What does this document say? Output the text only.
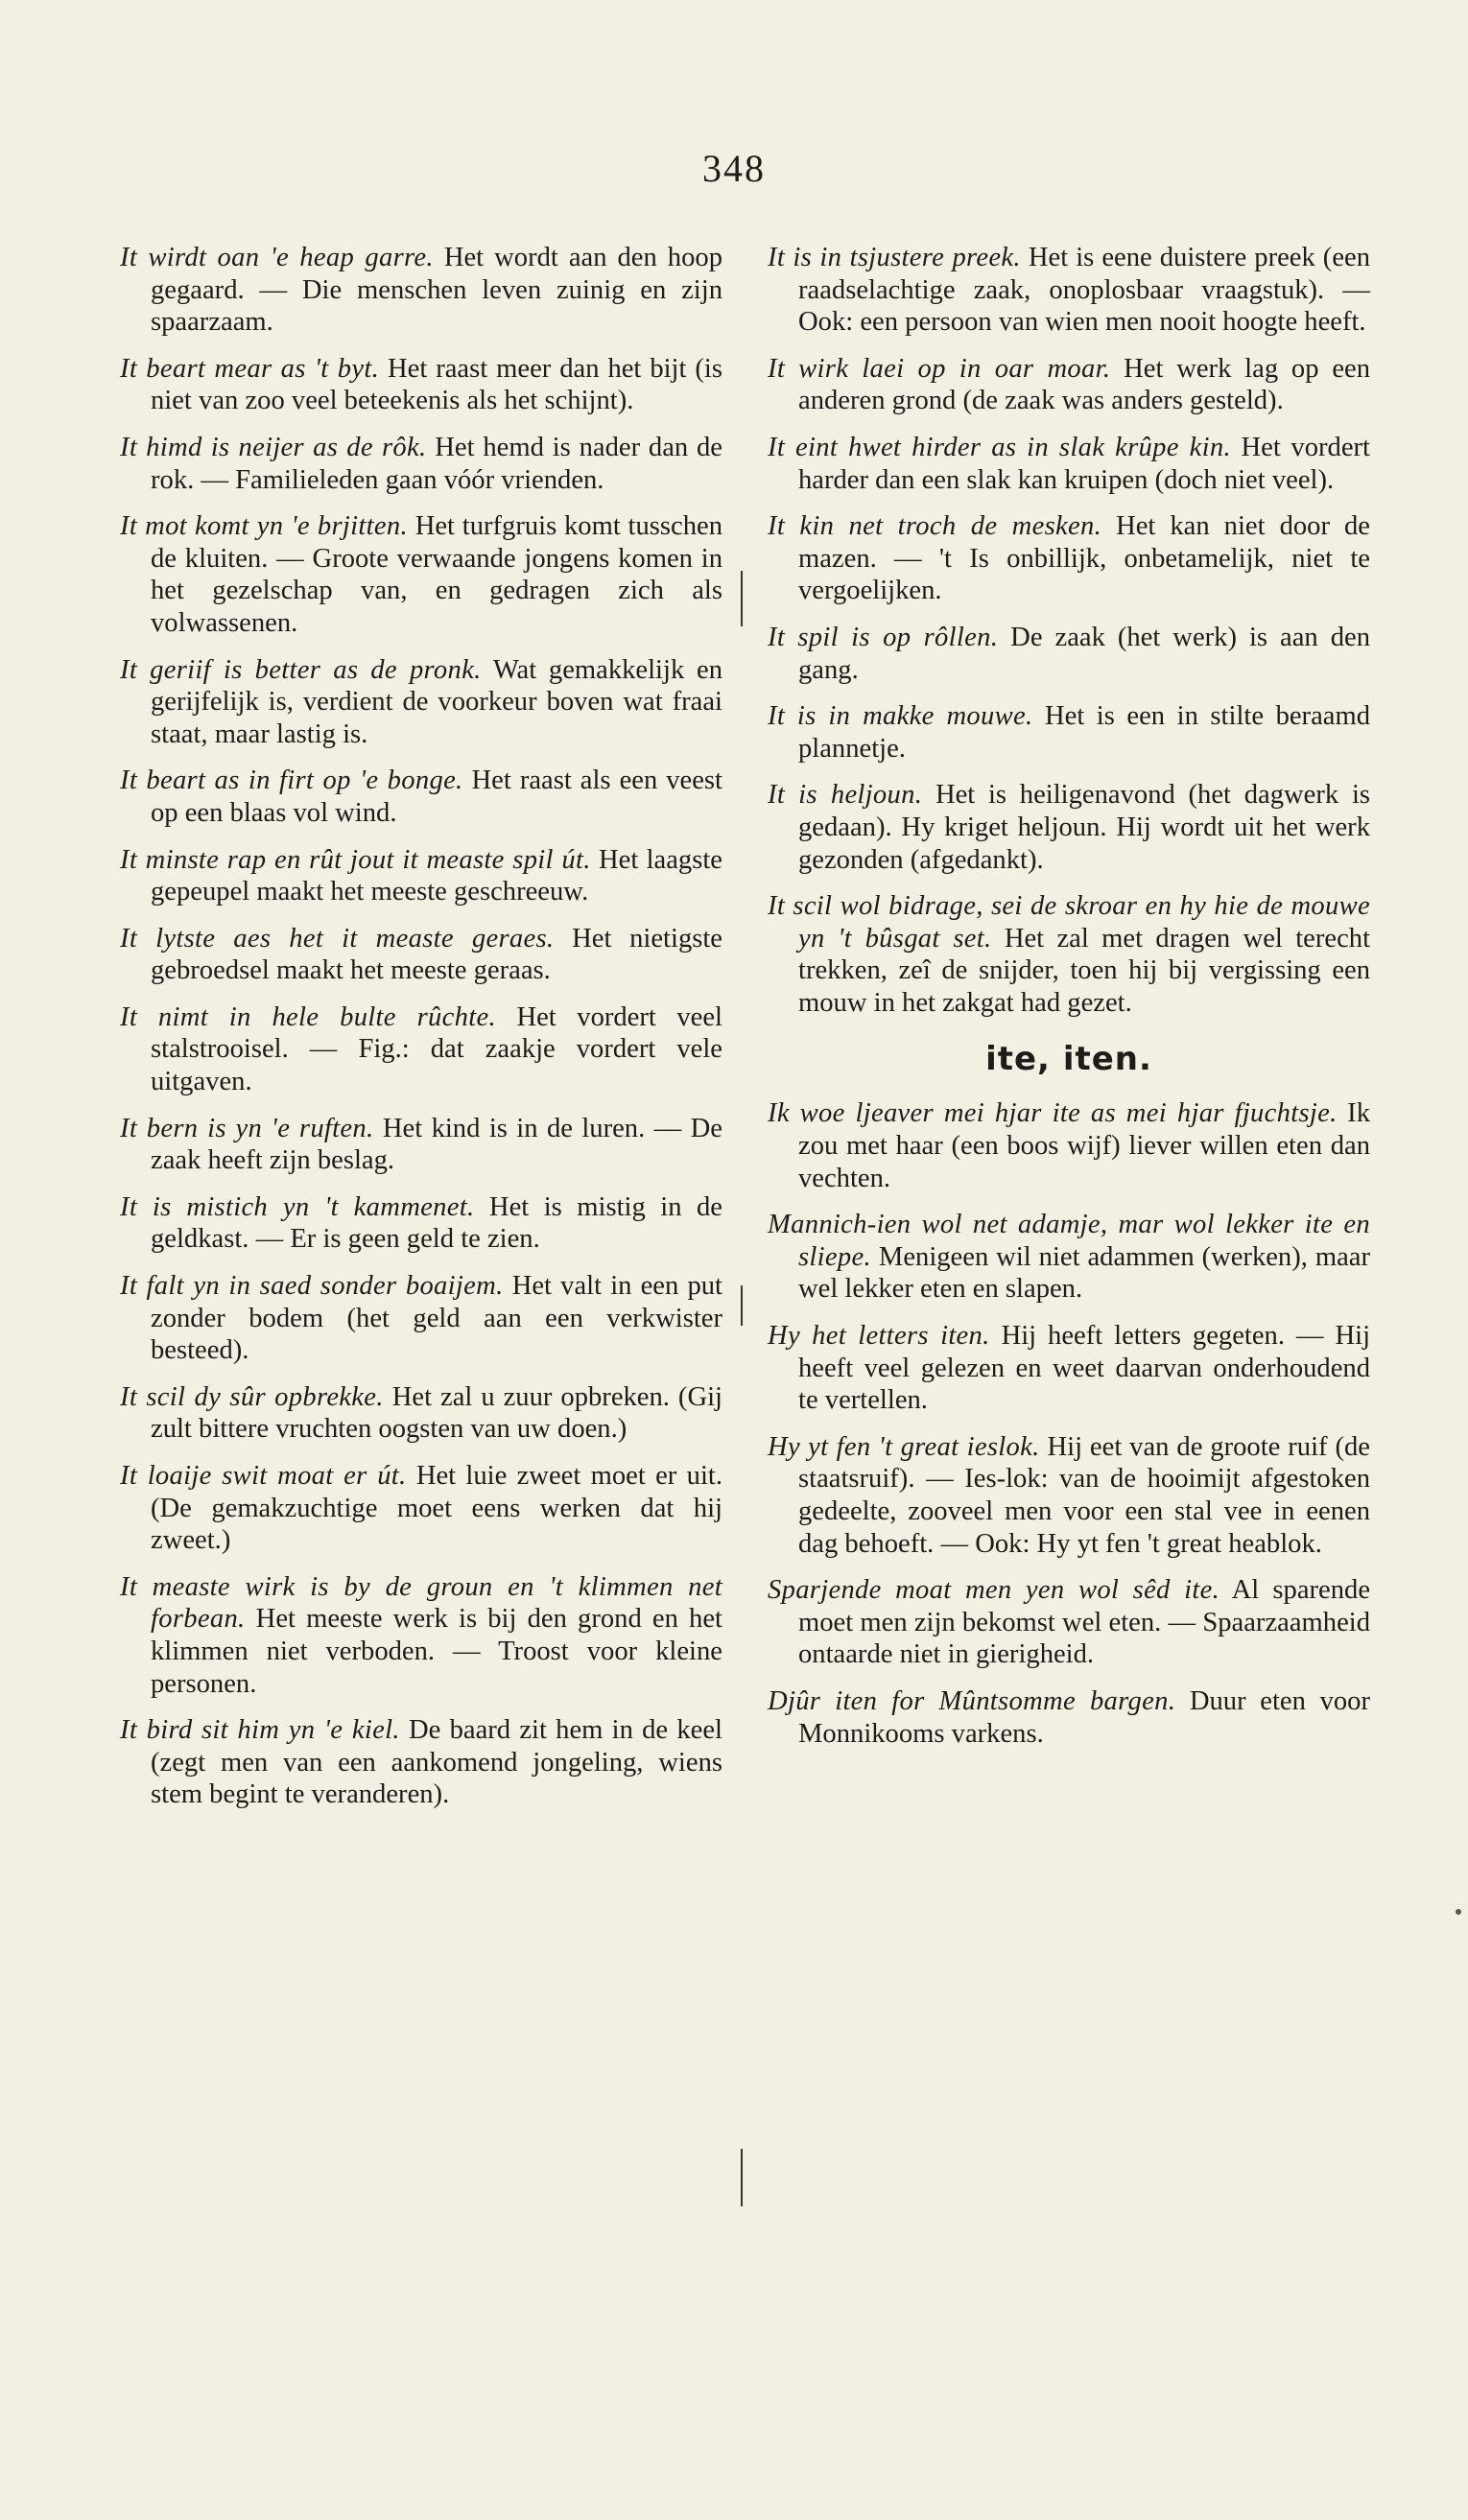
348
It wirdt oan 'e heap garre. Het wordt aan den hoop gegaard. — Die menschen leven zuinig en zijn spaarzaam.
It beart mear as 't byt. Het raast meer dan het bijt (is niet van zoo veel beteekenis als het schijnt).
It himd is neijer as de rôk. Het hemd is nader dan de rok. — Familieleden gaan vóór vrienden.
It mot komt yn 'e brjitten. Het turfgruis komt tusschen de kluiten. — Groote verwaande jongens komen in het gezelschap van, en gedragen zich als volwassenen.
It geriif is better as de pronk. Wat gemakkelijk en gerijfelijk is, verdient de voorkeur boven wat fraai staat, maar lastig is.
It beart as in firt op 'e bonge. Het raast als een veest op een blaas vol wind.
It minste rap en rût jout it measte spil út. Het laagste gepeupel maakt het meeste geschreeuw.
It lytste aes het it measte geraes. Het nietigste gebroedsel maakt het meeste geraas.
It nimt in hele bulte rûchte. Het vordert veel stalstrooisel. — Fig.: dat zaakje vordert vele uitgaven.
It bern is yn 'e ruften. Het kind is in de luren. — De zaak heeft zijn beslag.
It is mistich yn 't kammenet. Het is mistig in de geldkast. — Er is geen geld te zien.
It falt yn in saed sonder boaijem. Het valt in een put zonder bodem (het geld aan een verkwister besteed).
It scil dy sûr opbrekke. Het zal u zuur opbreken. (Gij zult bittere vruchten oogsten van uw doen.)
It loaije swit moat er út. Het luie zweet moet er uit. (De gemakzuchtige moet eens werken dat hij zweet.)
It measte wirk is by de groun en 't klimmen net forbean. Het meeste werk is bij den grond en het klimmen niet verboden. — Troost voor kleine personen.
It bird sit him yn 'e kiel. De baard zit hem in de keel (zegt men van een aankomend jongeling, wiens stem begint te veranderen).
It is in tsjustere preek. Het is eene duistere preek (een raadselachtige zaak, onoplosbaar vraagstuk). — Ook: een persoon van wien men nooit hoogte heeft.
It wirk laei op in oar moar. Het werk lag op een anderen grond (de zaak was anders gesteld).
It eint hwet hirder as in slak krûpe kin. Het vordert harder dan een slak kan kruipen (doch niet veel).
It kin net troch de mesken. Het kan niet door de mazen. — 't Is onbillijk, onbetamelijk, niet te vergoelijken.
It spil is op rôllen. De zaak (het werk) is aan den gang.
It is in makke mouwe. Het is een in stilte beraamd plannetje.
It is heljoun. Het is heiligenavond (het dagwerk is gedaan). Hy kriget heljoun. Hij wordt uit het werk gezonden (afgedankt).
It scil wol bidrage, sei de skroar en hy hie de mouwe yn 't bûsgat set. Het zal met dragen wel terecht trekken, zeî de snijder, toen hij bij vergissing een mouw in het zakgat had gezet.
ite, iten.
Ik woe ljeaver mei hjar ite as mei hjar fjuchtsje. Ik zou met haar (een boos wijf) liever willen eten dan vechten.
Mannich-ien wol net adamje, mar wol lekker ite en sliepe. Menigeen wil niet adammen (werken), maar wel lekker eten en slapen.
Hy het letters iten. Hij heeft letters gegeten. — Hij heeft veel gelezen en weet daarvan onderhoudend te vertellen.
Hy yt fen 't great ieslok. Hij eet van de groote ruif (de staatsruif). — Ies-lok: van de hooimijt afgestoken gedeelte, zooveel men voor een stal vee in eenen dag behoeft. — Ook: Hy yt fen 't great heablok.
Sparjende moat men yen wol sêd ite. Al sparende moet men zijn bekomst wel eten. — Spaarzaamheid ontaarde niet in gierigheid.
Djûr iten for Mûntsomme bargen. Duur eten voor Monnikooms varkens.
